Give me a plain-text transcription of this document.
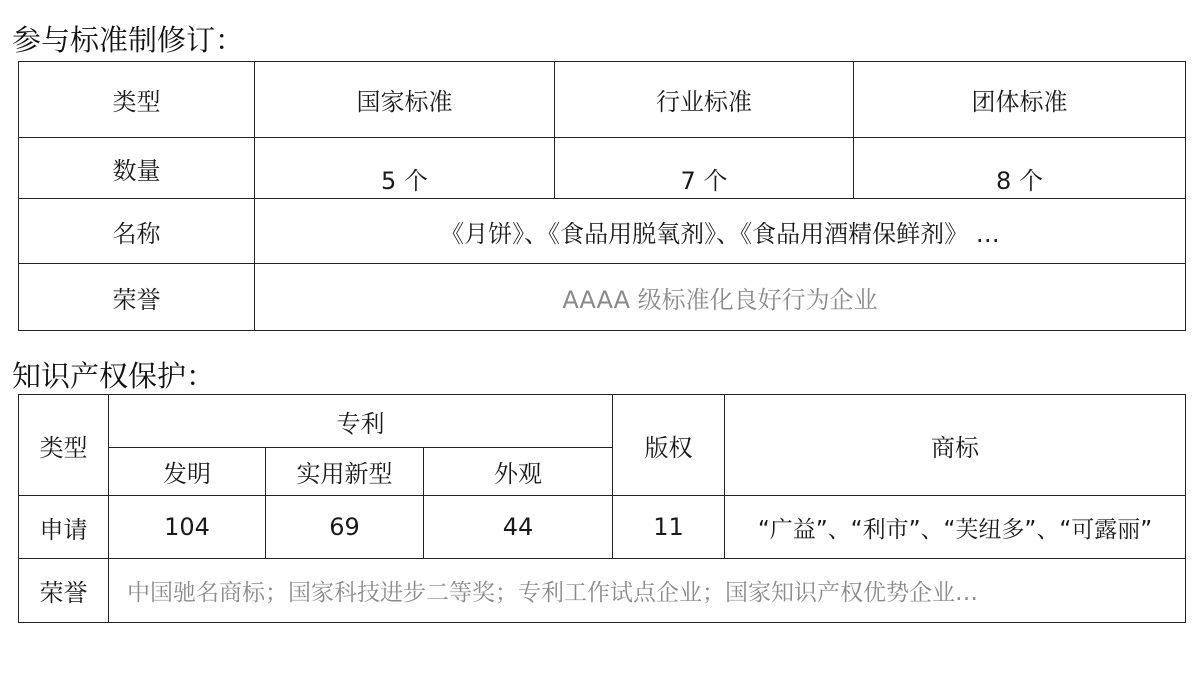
参与标准制修订：
类型	国家标准	行业标准	团体标准
数量	5 个	7 个	8 个
名称	《月饼》、《食品用脱氧剂》、《食品用酒精保鲜剂》 …		
荣誉	AAAA 级标准化良好行为企业		
知识产权保护：
类型	专利			版权	商标
	发明	实用新型	外观		
申请	104	69	44	11	“广益”、“利市”、“芙纽多”、“可露丽”
荣誉	中国驰名商标；国家科技进步二等奖；专利工作试点企业；国家知识产权优势企业…				
